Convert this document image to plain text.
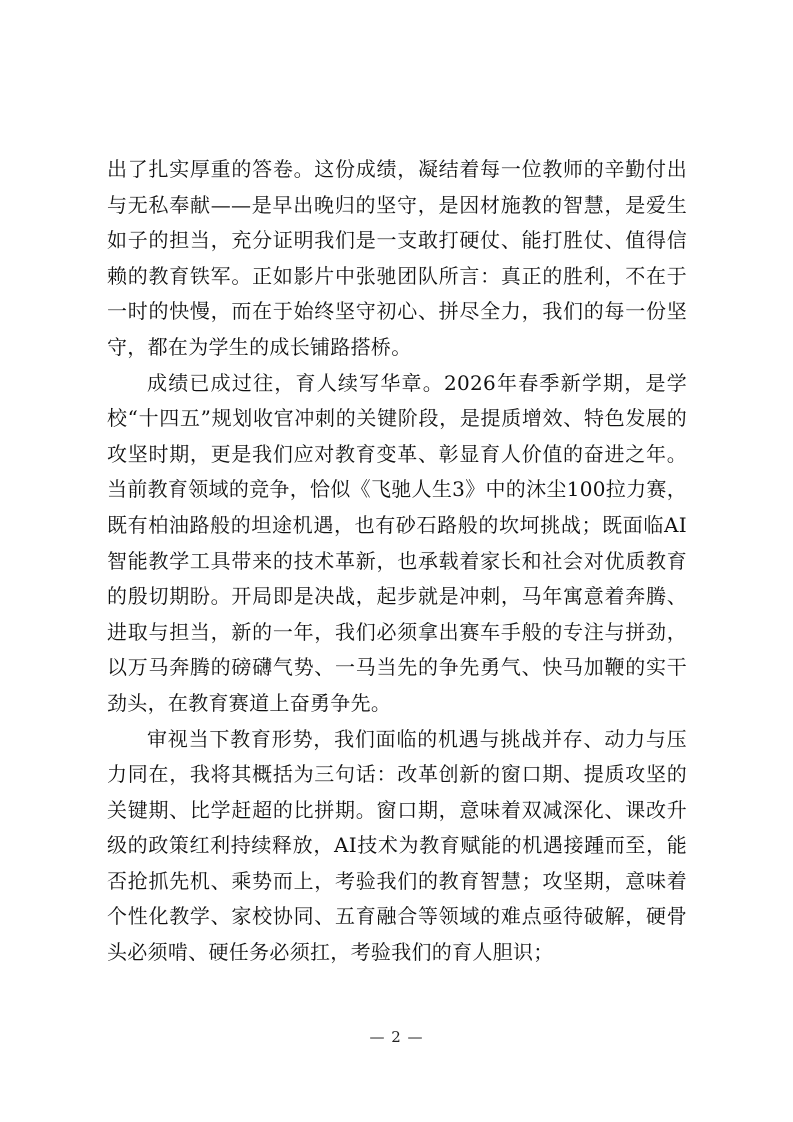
出了扎实厚重的答卷。这份成绩，凝结着每一位教师的辛勤付出与无私奉献——是早出晚归的坚守，是因材施教的智慧，是爱生如子的担当，充分证明我们是一支敢打硬仗、能打胜仗、值得信赖的教育铁军。正如影片中张驰团队所言：真正的胜利，不在于一时的快慢，而在于始终坚守初心、拼尽全力，我们的每一份坚守，都在为学生的成长铺路搭桥。

成绩已成过往，育人续写华章。2026年春季新学期，是学校“十四五”规划收官冲刺的关键阶段，是提质增效、特色发展的攻坚时期，更是我们应对教育变革、彰显育人价值的奋进之年。当前教育领域的竞争，恰似《飞驰人生3》中的沐尘100拉力赛，既有柏油路般的坦途机遇，也有砂石路般的坎坷挑战；既面临AI智能教学工具带来的技术革新，也承载着家长和社会对优质教育的殷切期盼。开局即是决战，起步就是冲刺，马年寓意着奔腾、进取与担当，新的一年，我们必须拿出赛车手般的专注与拼劲，以万马奔腾的磅礴气势、一马当先的争先勇气、快马加鞭的实干劲头，在教育赛道上奋勇争先。

审视当下教育形势，我们面临的机遇与挑战并存、动力与压力同在，我将其概括为三句话：改革创新的窗口期、提质攻坚的关键期、比学赶超的比拼期。窗口期，意味着双减深化、课改升级的政策红利持续释放，AI技术为教育赋能的机遇接踵而至，能否抢抓先机、乘势而上，考验我们的教育智慧；攻坚期，意味着个性化教学、家校协同、五育融合等领域的难点亟待破解，硬骨头必须啃、硬任务必须扛，考验我们的育人胆识；

— 2 —
